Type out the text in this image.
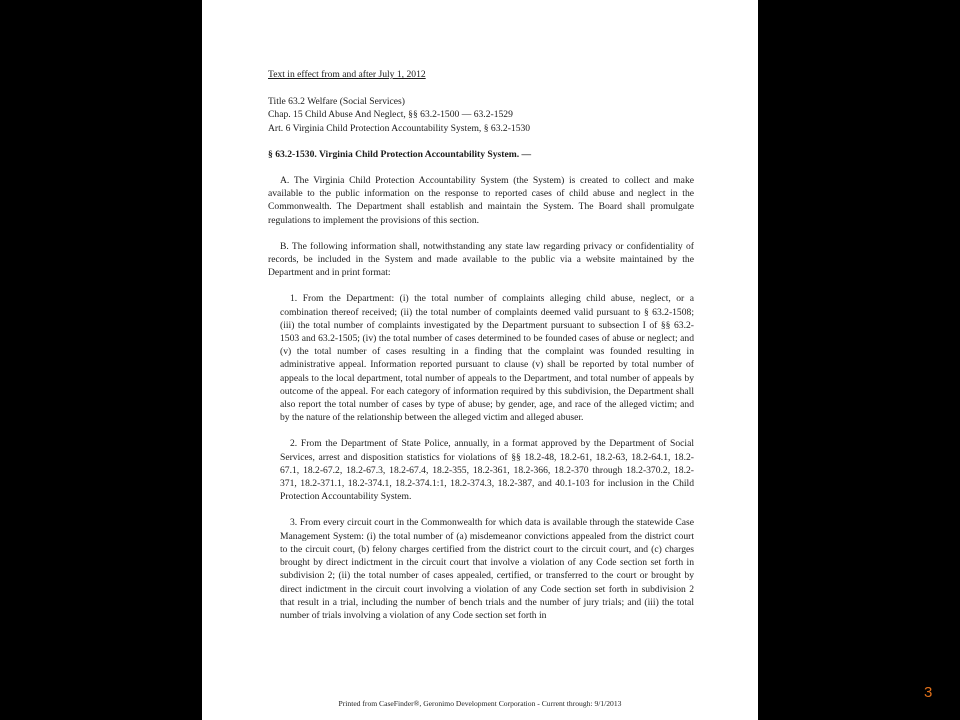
Text in effect from and after July 1, 2012

Title 63.2 Welfare (Social Services)

Chap. 15 Child Abuse And Neglect, §§ 63.2-1500 — 63.2-1529

Art. 6 Virginia Child Protection Accountability System, § 63.2-1530

§ 63.2-1530. Virginia Child Protection Accountability System. —

A. The Virginia Child Protection Accountability System (the System) is created to collect and make available to the public information on the response to reported cases of child abuse and neglect in the Commonwealth. The Department shall establish and maintain the System. The Board shall promulgate regulations to implement the provisions of this section.

B. The following information shall, notwithstanding any state law regarding privacy or confidentiality of records, be included in the System and made available to the public via a website maintained by the Department and in print format:

1. From the Department: (i) the total number of complaints alleging child abuse, neglect, or a combination thereof received; (ii) the total number of complaints deemed valid pursuant to § 63.2-1508; (iii) the total number of complaints investigated by the Department pursuant to subsection I of §§ 63.2-1503 and 63.2-1505; (iv) the total number of cases determined to be founded cases of abuse or neglect; and (v) the total number of cases resulting in a finding that the complaint was founded resulting in administrative appeal. Information reported pursuant to clause (v) shall be reported by total number of appeals to the local department, total number of appeals to the Department, and total number of appeals by outcome of the appeal. For each category of information required by this subdivision, the Department shall also report the total number of cases by type of abuse; by gender, age, and race of the alleged victim; and by the nature of the relationship between the alleged victim and alleged abuser.

2. From the Department of State Police, annually, in a format approved by the Department of Social Services, arrest and disposition statistics for violations of §§ 18.2-48, 18.2-61, 18.2-63, 18.2-64.1, 18.2-67.1, 18.2-67.2, 18.2-67.3, 18.2-67.4, 18.2-355, 18.2-361, 18.2-366, 18.2-370 through 18.2-370.2, 18.2-371, 18.2-371.1, 18.2-374.1, 18.2-374.1:1, 18.2-374.3, 18.2-387, and 40.1-103 for inclusion in the Child Protection Accountability System.

3. From every circuit court in the Commonwealth for which data is available through the statewide Case Management System: (i) the total number of (a) misdemeanor convictions appealed from the district court to the circuit court, (b) felony charges certified from the district court to the circuit court, and (c) charges brought by direct indictment in the circuit court that involve a violation of any Code section set forth in subdivision 2; (ii) the total number of cases appealed, certified, or transferred to the court or brought by direct indictment in the circuit court involving a violation of any Code section set forth in subdivision 2 that result in a trial, including the number of bench trials and the number of jury trials; and (iii) the total number of trials involving a violation of any Code section set forth in

Printed from CaseFinder®, Geronimo Development Corporation - Current through: 9/1/2013
3
